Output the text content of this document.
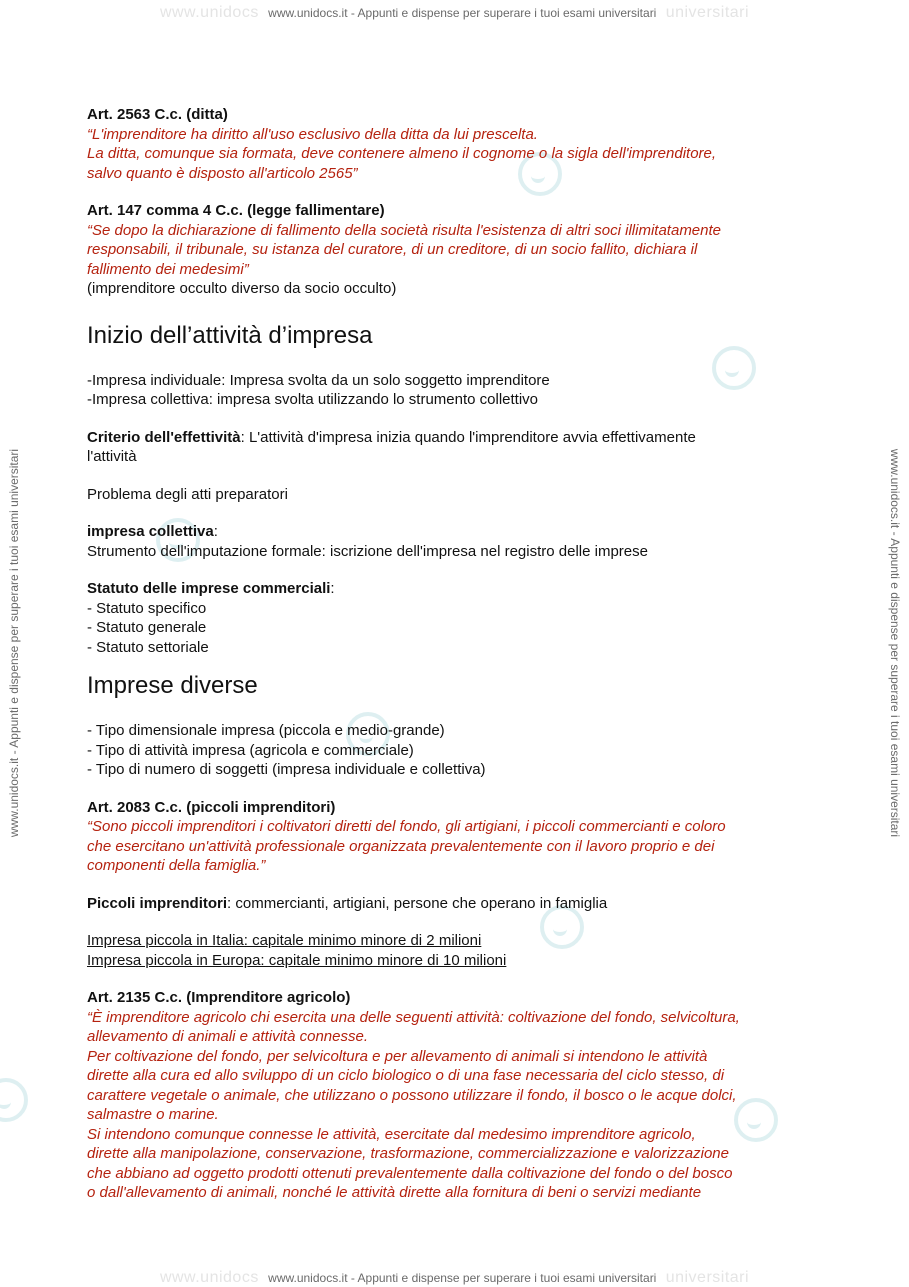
www.unidocs www.unidocs.it - Appunti e dispense per superare i tuoi esami universitari universitari
www.unidocs www.unidocs.it - Appunti e dispense per superare i tuoi esami universitari universitari
www.unidocs.it - Appunti e dispense per superare i tuoi esami universitari	www.unidocs.it - Appunti e dispense per superare i tuoi esami universitari

Art. 2563 C.c. (ditta)

“L'imprenditore ha diritto all'uso esclusivo della ditta da lui prescelta.

La ditta, comunque sia formata, deve contenere almeno il cognome o la sigla dell'imprenditore,

salvo quanto è disposto all'articolo 2565”

Art. 147 comma 4 C.c. (legge fallimentare)

“Se dopo la dichiarazione di fallimento della società risulta l'esistenza di altri soci illimitatamente

responsabili, il tribunale, su istanza del curatore, di un creditore, di un socio fallito, dichiara il

fallimento dei medesimi”

(imprenditore occulto diverso da socio occulto)

Inizio dell’attività d’impresa

-Impresa individuale: Impresa svolta da un solo soggetto imprenditore

-Impresa collettiva: impresa svolta utilizzando lo strumento collettivo

Criterio dell'effettività: L'attività d'impresa inizia quando l'imprenditore avvia effettivamente

l'attività

Problema degli atti preparatori

impresa collettiva:

Strumento dell'imputazione formale: iscrizione dell'impresa nel registro delle imprese

Statuto delle imprese commerciali:

- Statuto specifico

- Statuto generale

- Statuto settoriale

Imprese diverse

- Tipo dimensionale impresa (piccola e medio-grande)

- Tipo di attività impresa (agricola e commerciale)

- Tipo di numero di soggetti (impresa individuale e collettiva)

Art. 2083 C.c. (piccoli imprenditori)

“Sono piccoli imprenditori i coltivatori diretti del fondo, gli artigiani, i piccoli commercianti e coloro

che esercitano un'attività professionale organizzata prevalentemente con il lavoro proprio e dei

componenti della famiglia.”

Piccoli imprenditori: commercianti, artigiani, persone che operano in famiglia

Impresa piccola in Italia: capitale minimo minore di 2 milioni

Impresa piccola in Europa: capitale minimo minore di 10 milioni

Art. 2135 C.c. (Imprenditore agricolo)

“È imprenditore agricolo chi esercita una delle seguenti attività: coltivazione del fondo, selvicoltura,

allevamento di animali e attività connesse.

Per coltivazione del fondo, per selvicoltura e per allevamento di animali si intendono le attività

dirette alla cura ed allo sviluppo di un ciclo biologico o di una fase necessaria del ciclo stesso, di

carattere vegetale o animale, che utilizzano o possono utilizzare il fondo, il bosco o le acque dolci,

salmastre o marine.

Si intendono comunque connesse le attività, esercitate dal medesimo imprenditore agricolo,

dirette alla manipolazione, conservazione, trasformazione, commercializzazione e valorizzazione

che abbiano ad oggetto prodotti ottenuti prevalentemente dalla coltivazione del fondo o del bosco

o dall'allevamento di animali, nonché le attività dirette alla fornitura di beni o servizi mediante
